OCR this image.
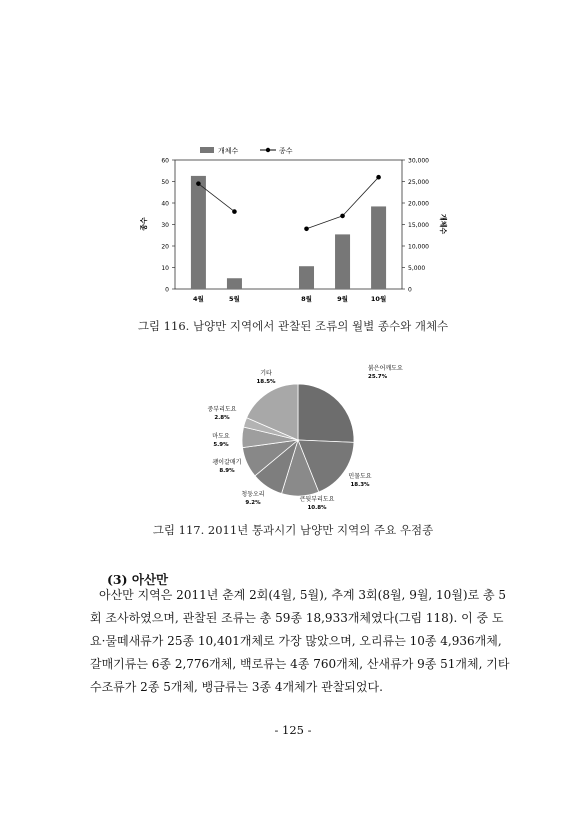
개체수	종수
0
10
20
30
40
50
60
0
5,000
10,000
15,000
20,000
25,000
30,000
4월	5월	8월	9월	10월
종수	개체수
그림 116. 남양만 지역에서 관찰된 조류의 월별 종수와 개체수
붉은어깨도요
25.7%
민물도요
18.3%
큰뒷부리도요
10.8%
청둥오리
9.2%
괭이갈매기
8.9%
마도요
5.9%
중부리도요
2.8%
기타
18.5%
그림 117. 2011년 통과시기 남양만 지역의 주요 우점종
(3) 아산만
아산만 지역은 2011년 춘계 2회(4월, 5월), 추계 3회(8월, 9월, 10월)로 총 5
회 조사하였으며, 관찰된 조류는 총 59종 18,933개체였다(그림 118). 이 중 도
요·물떼새류가 25종 10,401개체로 가장 많았으며, 오리류는 10종 4,936개체,
갈매기류는 6종 2,776개체, 백로류는 4종 760개체, 산새류가 9종 51개체, 기타
수조류가 2종 5개체, 뱅금류는 3종 4개체가 관찰되었다.
- 125 -
